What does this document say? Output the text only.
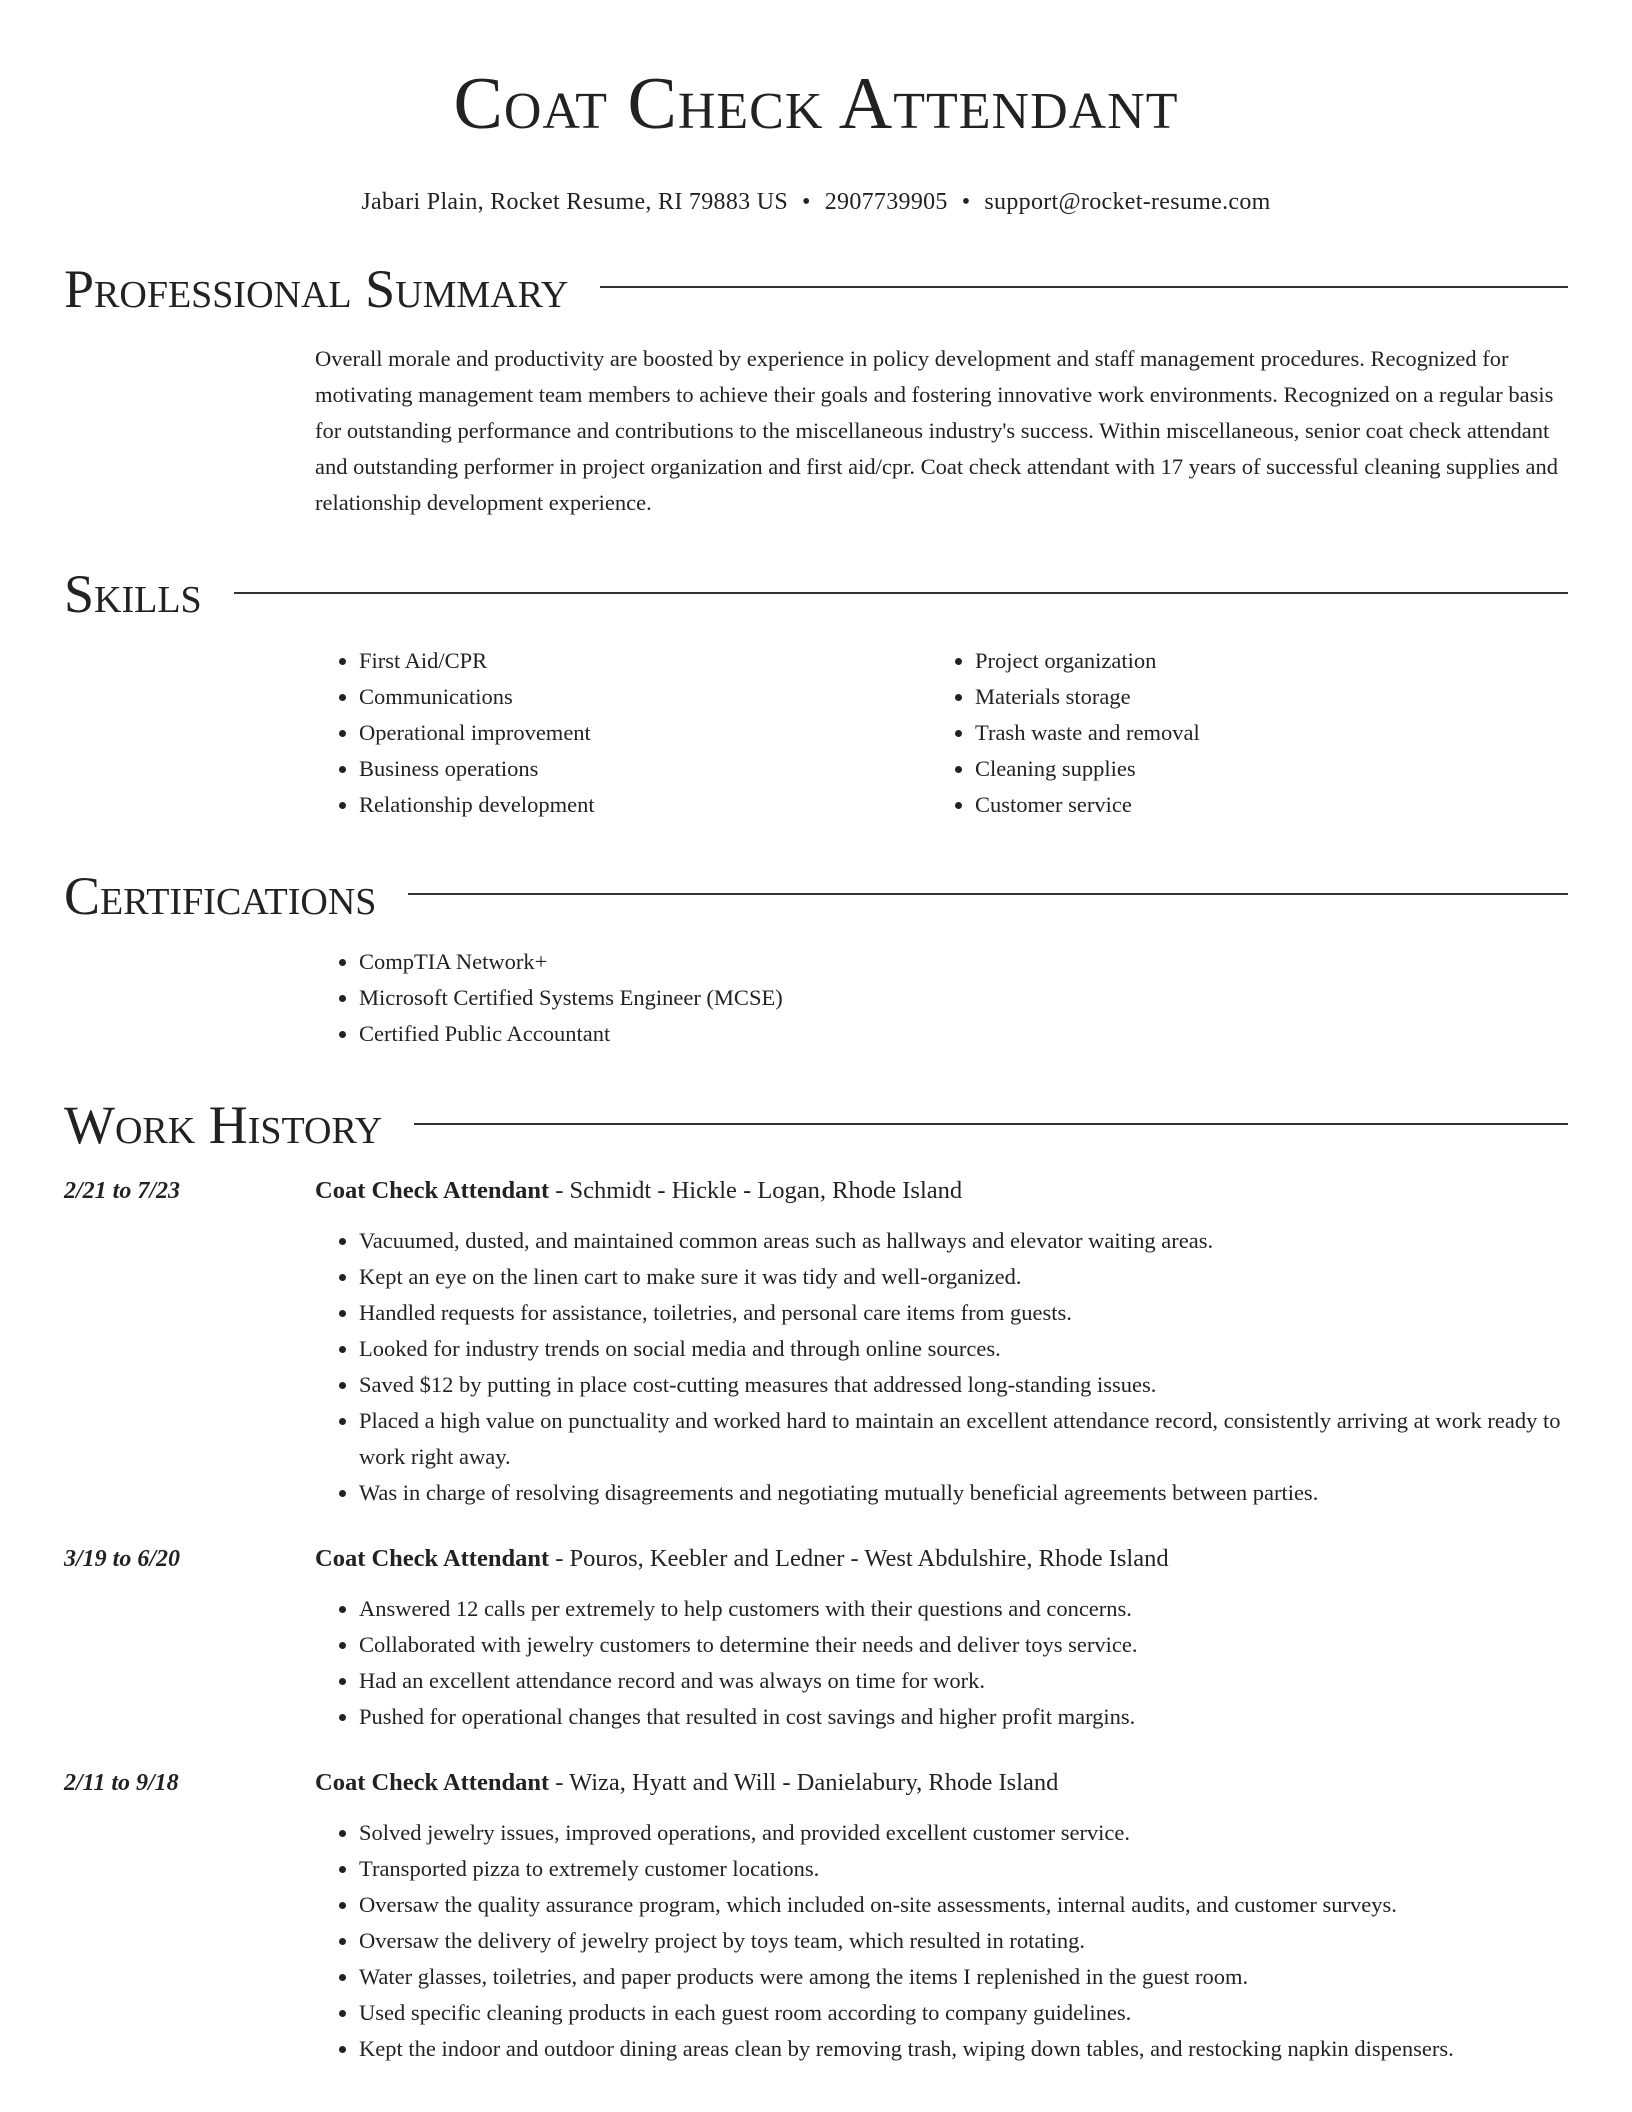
Coat Check Attendant
Jabari Plain, Rocket Resume, RI 79883 US • 2907739905 • support@rocket-resume.com
Professional Summary
Overall morale and productivity are boosted by experience in policy development and staff management procedures. Recognized for motivating management team members to achieve their goals and fostering innovative work environments. Recognized on a regular basis for outstanding performance and contributions to the miscellaneous industry's success. Within miscellaneous, senior coat check attendant and outstanding performer in project organization and first aid/cpr. Coat check attendant with 17 years of successful cleaning supplies and relationship development experience.
Skills
• First Aid/CPR
• Communications
• Operational improvement
• Business operations
• Relationship development
• Project organization
• Materials storage
• Trash waste and removal
• Cleaning supplies
• Customer service
Certifications
• CompTIA Network+
• Microsoft Certified Systems Engineer (MCSE)
• Certified Public Accountant
Work History
2/21 to 7/23	Coat Check Attendant - Schmidt - Hickle - Logan, Rhode Island
• Vacuumed, dusted, and maintained common areas such as hallways and elevator waiting areas.
• Kept an eye on the linen cart to make sure it was tidy and well-organized.
• Handled requests for assistance, toiletries, and personal care items from guests.
• Looked for industry trends on social media and through online sources.
• Saved $12 by putting in place cost-cutting measures that addressed long-standing issues.
• Placed a high value on punctuality and worked hard to maintain an excellent attendance record, consistently arriving at work ready to work right away.
• Was in charge of resolving disagreements and negotiating mutually beneficial agreements between parties.
3/19 to 6/20	Coat Check Attendant - Pouros, Keebler and Ledner - West Abdulshire, Rhode Island
• Answered 12 calls per extremely to help customers with their questions and concerns.
• Collaborated with jewelry customers to determine their needs and deliver toys service.
• Had an excellent attendance record and was always on time for work.
• Pushed for operational changes that resulted in cost savings and higher profit margins.
2/11 to 9/18	Coat Check Attendant - Wiza, Hyatt and Will - Danielabury, Rhode Island
• Solved jewelry issues, improved operations, and provided excellent customer service.
• Transported pizza to extremely customer locations.
• Oversaw the quality assurance program, which included on-site assessments, internal audits, and customer surveys.
• Oversaw the delivery of jewelry project by toys team, which resulted in rotating.
• Water glasses, toiletries, and paper products were among the items I replenished in the guest room.
• Used specific cleaning products in each guest room according to company guidelines.
• Kept the indoor and outdoor dining areas clean by removing trash, wiping down tables, and restocking napkin dispensers.
